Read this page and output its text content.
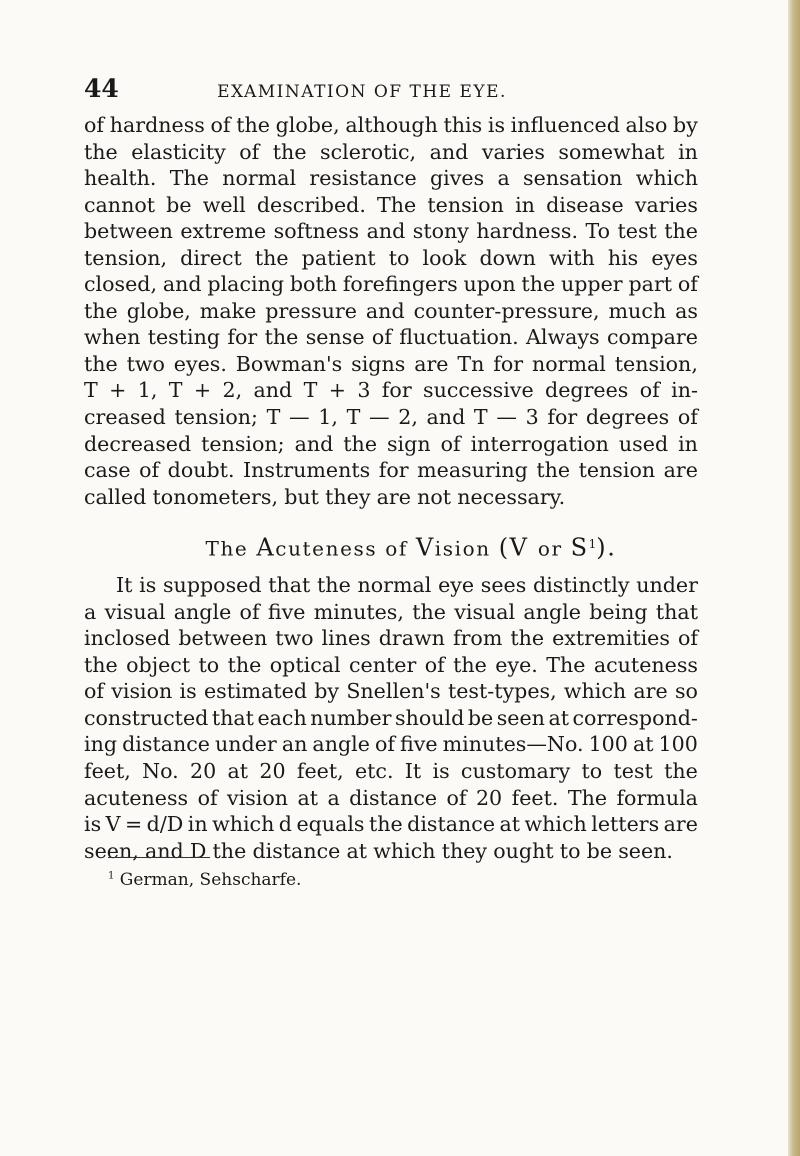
44	EXAMINATION OF THE EYE.
of hardness of the globe, although this is influenced also by
the elasticity of the sclerotic, and varies somewhat in
health. The normal resistance gives a sensation which
cannot be well described. The tension in disease varies
between extreme softness and stony hardness. To test the
tension, direct the patient to look down with his eyes
closed, and placing both forefingers upon the upper part of
the globe, make pressure and counter-pressure, much as
when testing for the sense of fluctuation. Always compare
the two eyes. Bowman's signs are Tn for normal tension,
T + 1, T + 2, and T + 3 for successive degrees of in-
creased tension; T — 1, T — 2, and T — 3 for degrees of
decreased tension; and the sign of interrogation used in
case of doubt. Instruments for measuring the tension are
called tonometers, but they are not necessary.
The Acuteness of Vision (V or $S^1$).
It is supposed that the normal eye sees distinctly under
a visual angle of five minutes, the visual angle being that
inclosed between two lines drawn from the extremities of
the object to the optical center of the eye. The acuteness
of vision is estimated by Snellen's test-types, which are so
constructed that each number should be seen at correspond-
ing distance under an angle of five minutes—No. 100 at 100
feet, No. 20 at 20 feet, etc. It is customary to test the
acuteness of vision at a distance of 20 feet. The formula
is V = d/D in which d equals the distance at which letters are
seen, and D the distance at which they ought to be seen.
$^1$ German, Sehscharfe.
